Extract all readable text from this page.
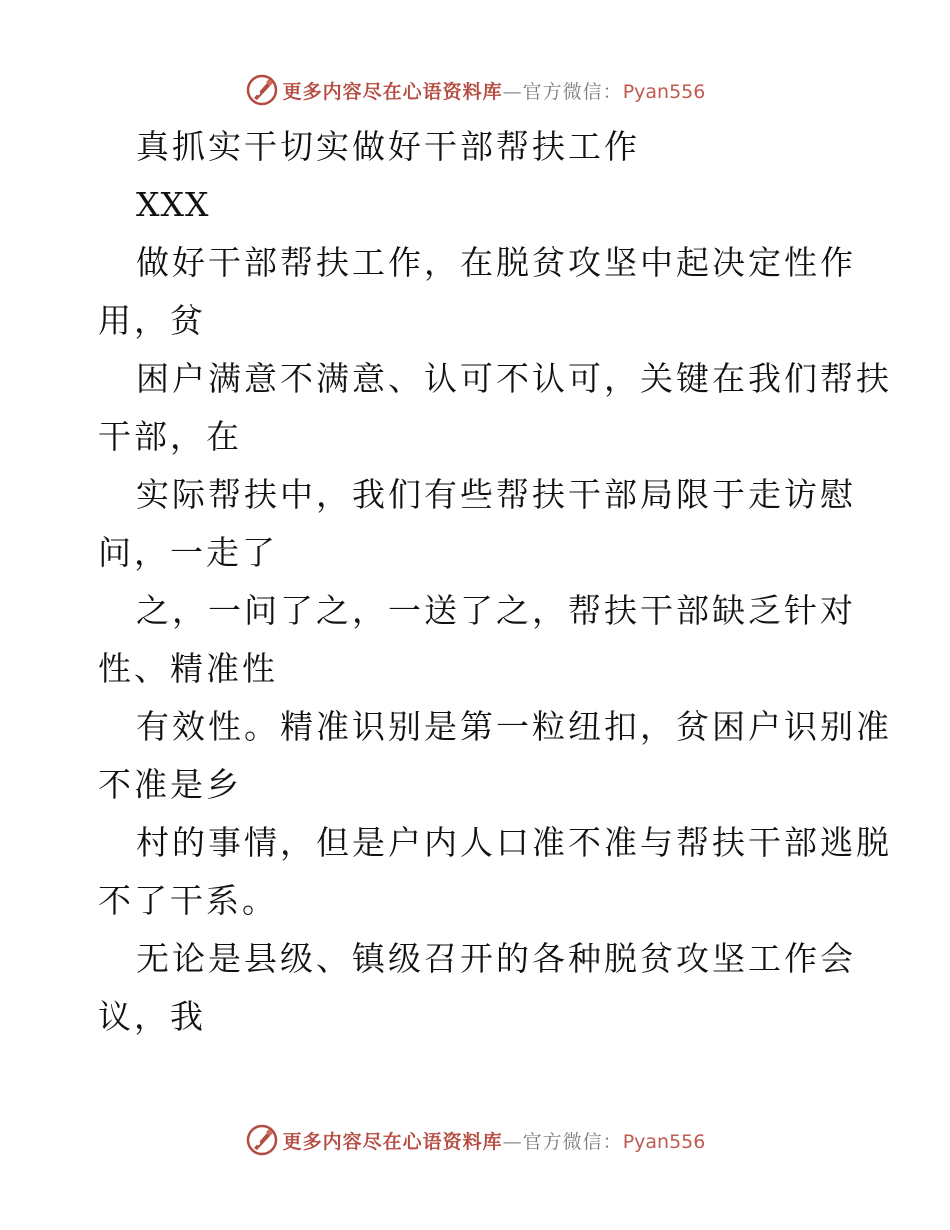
更多内容尽在心语资料库—官方微信：Pyan556
真抓实干切实做好干部帮扶工作
XXX
做好干部帮扶工作，在脱贫攻坚中起决定性作
用，贫
困户满意不满意、认可不认可，关键在我们帮扶
干部，在
实际帮扶中，我们有些帮扶干部局限于走访慰
问，一走了
之，一问了之，一送了之，帮扶干部缺乏针对
性、精准性
有效性。精准识别是第一粒纽扣，贫困户识别准
不准是乡
村的事情，但是户内人口准不准与帮扶干部逃脱
不了干系。
无论是县级、镇级召开的各种脱贫攻坚工作会
议，我
更多内容尽在心语资料库—官方微信：Pyan556
